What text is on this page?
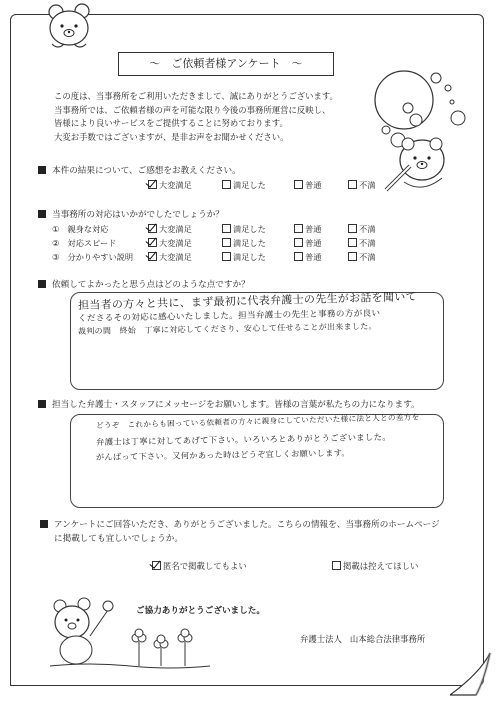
～　ご依頼者様アンケート　～
この度は、当事務所をご利用いただきまして、誠にありがとうございます。
当事務所では、ご依頼者様の声を可能な限り今後の事務所運営に反映し、
皆様により良いサービスをご提供することに努めております。
大変お手数ではございますが、是非お声をお聞かせください。
本件の結果について、ご感想をお教えください。
大変満足	満足した	普通	不満
当事務所の対応はいかがでしたでしょうか？
①　 親身な対応	大変満足	満足した	普通	不満
②　 対応スピード	大変満足	満足した	普通	不満
③　 分かりやすい説明	大変満足	満足した	普通	不満
依頼してよかったと思う点はどのような点ですか？
担当者の方々と共に、まず最初に代表弁護士の先生がお話を聞いて
くださるその対応に感心いたしました。担当弁護士の先生と事務の方が良い
裁判の間　終始　丁寧に対応してくださり、安心して任せることが出来ました。
担当した弁護士・スタッフにメッセージをお願いします。皆様の言葉が私たちの力になります。
どうぞ　これからも困っている依頼者の方々に親身にしていただいた様に法と人との差方を
弁護士は丁寧に対してあげて下さい。いろいろとありがとうございました。
がんばって下さい。又何かあった時はどうぞ宜しくお願いします。
アンケートにご回答いただき、ありがとうございました。こちらの情報を、当事務所のホームページ
に掲載しても宜しいでしょうか。
匿名で掲載してもよい	掲載は控えてほしい
ご協力ありがとうございました。
弁護士法人 山本総合法律事務所
